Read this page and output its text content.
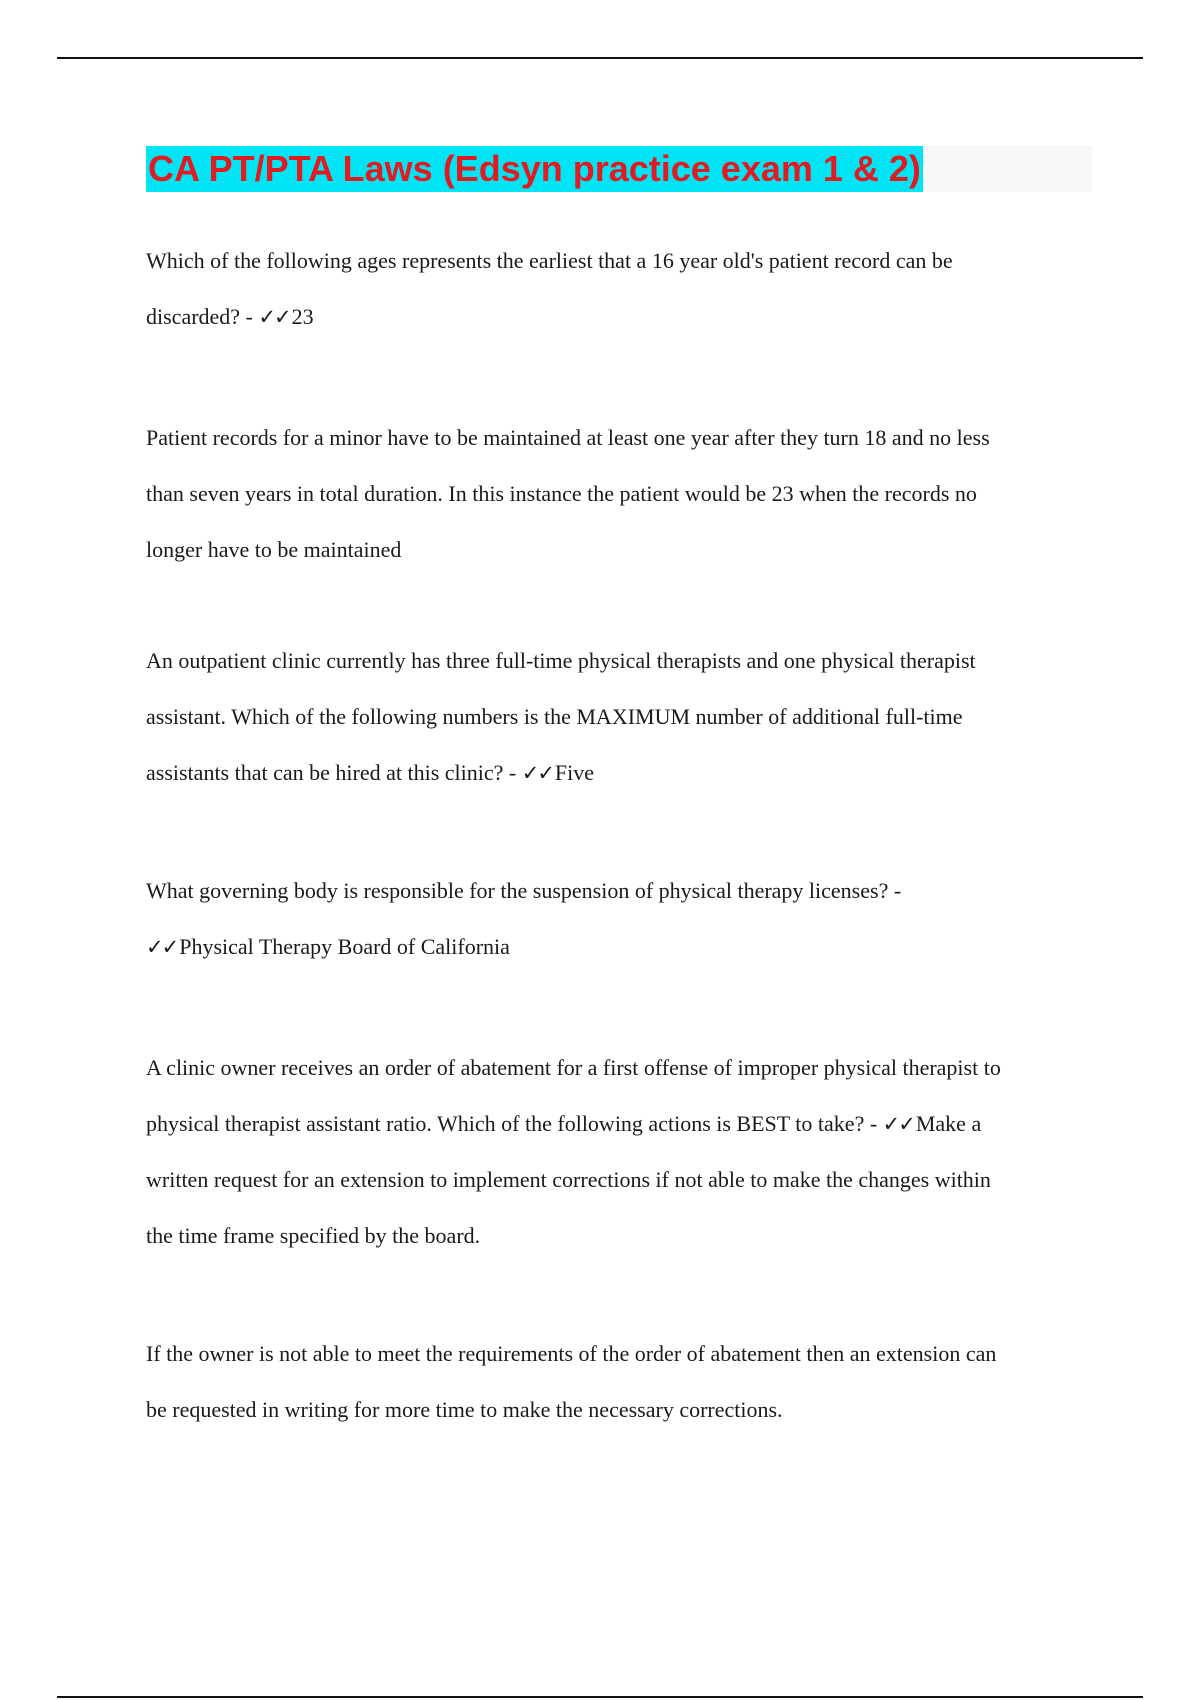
CA PT/PTA Laws (Edsyn practice exam 1 & 2)

Which of the following ages represents the earliest that a 16 year old's patient record can be
discarded? - ✓✓23

Patient records for a minor have to be maintained at least one year after they turn 18 and no less
than seven years in total duration. In this instance the patient would be 23 when the records no
longer have to be maintained

An outpatient clinic currently has three full-time physical therapists and one physical therapist
assistant. Which of the following numbers is the MAXIMUM number of additional full-time
assistants that can be hired at this clinic? - ✓✓Five

What governing body is responsible for the suspension of physical therapy licenses? -
✓✓Physical Therapy Board of California

A clinic owner receives an order of abatement for a first offense of improper physical therapist to
physical therapist assistant ratio. Which of the following actions is BEST to take? - ✓✓Make a
written request for an extension to implement corrections if not able to make the changes within
the time frame specified by the board.

If the owner is not able to meet the requirements of the order of abatement then an extension can
be requested in writing for more time to make the necessary corrections.
